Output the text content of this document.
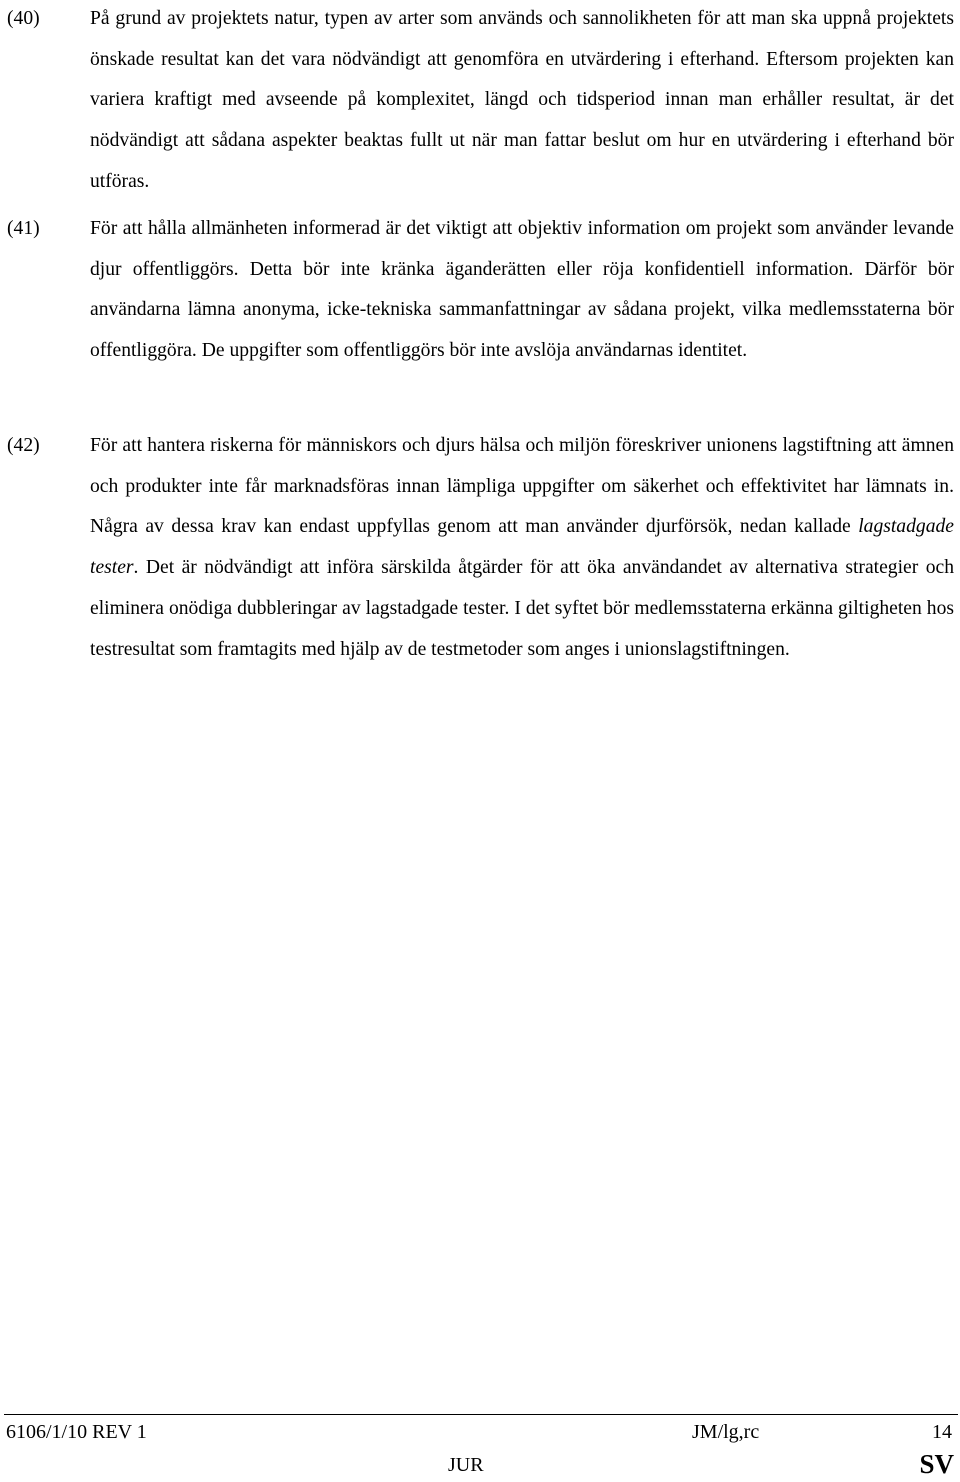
(40)	På grund av projektets natur, typen av arter som används och sannolikheten för att man ska uppnå projektets önskade resultat kan det vara nödvändigt att genomföra en utvärdering i efterhand. Eftersom projekten kan variera kraftigt med avseende på komplexitet, längd och tidsperiod innan man erhåller resultat, är det nödvändigt att sådana aspekter beaktas fullt ut när man fattar beslut om hur en utvärdering i efterhand bör utföras.
(41)	För att hålla allmänheten informerad är det viktigt att objektiv information om projekt som använder levande djur offentliggörs. Detta bör inte kränka äganderätten eller röja konfidentiell information. Därför bör användarna lämna anonyma, icke-tekniska sammanfattningar av sådana projekt, vilka medlemsstaterna bör offentliggöra. De uppgifter som offentliggörs bör inte avslöja användarnas identitet.
(42)	För att hantera riskerna för människors och djurs hälsa och miljön föreskriver unionens lagstiftning att ämnen och produkter inte får marknadsföras innan lämpliga uppgifter om säkerhet och effektivitet har lämnats in. Några av dessa krav kan endast uppfyllas genom att man använder djurförsök, nedan kallade lagstadgade tester. Det är nödvändigt att införa särskilda åtgärder för att öka användandet av alternativa strategier och eliminera onödiga dubbleringar av lagstadgade tester. I det syftet bör medlemsstaterna erkänna giltigheten hos testresultat som framtagits med hjälp av de testmetoder som anges i unionslagstiftningen.
6106/1/10 REV 1	JM/lg,rc	14
JUR	SV
